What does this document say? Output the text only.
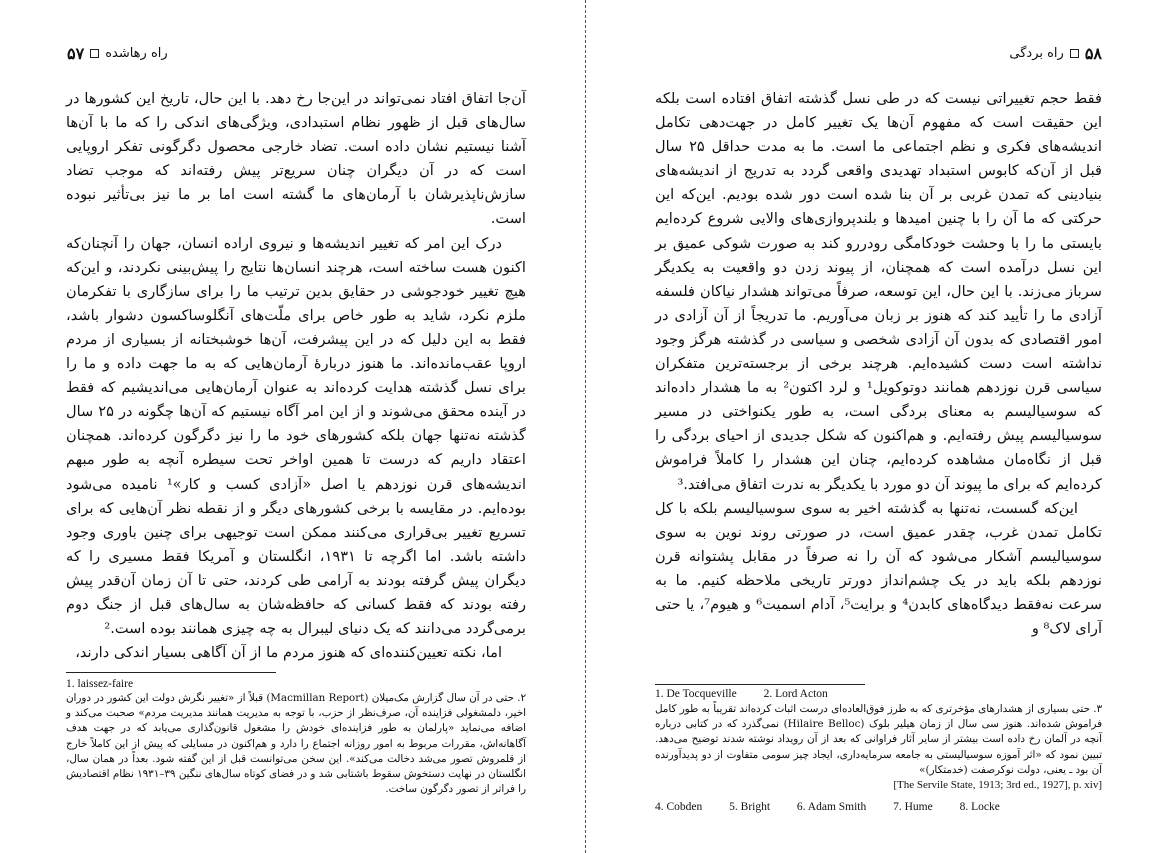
۵۷ راه رهاشده

آن‌جا اتفاق افتاد نمی‌تواند در این‌جا رخ دهد. با این حال، تاریخ این کشورها در سال‌های قبل از ظهور نظام استبدادی، ویژگی‌های اندکی را که ما با آن‌ها آشنا نیستیم نشان داده است. تضاد خارجی محصول دگرگونی تفکر اروپایی است که در آن دیگران چنان سریع‌تر پیش رفته‌اند که موجب تضاد سازش‌ناپذیرشان با آرمان‌های ما گشته است اما بر ما نیز بی‌تأثیر نبوده است.

درک این امر که تغییر اندیشه‌ها و نیروی اراده انسان، جهان را آنچنان‌که اکنون هست ساخته است، هرچند انسان‌ها نتایج را پیش‌بینی نکردند، و این‌که هیچ تغییر خودجوشی در حقایق بدین ترتیب ما را برای سازگاری با تفکرمان ملزم نکرد، شاید به طور خاص برای ملّت‌های آنگلوساکسون دشوار باشد، فقط به این دلیل که در این پیشرفت، آن‌ها خوشبختانه از بسیاری از مردم اروپا عقب‌مانده‌اند. ما هنوز دربارهٔ آرمان‌هایی که به ما جهت داده و ما را برای نسل گذشته هدایت کرده‌اند به عنوان آرمان‌هایی می‌اندیشیم که فقط در آینده محقق می‌شوند و از این امر آگاه نیستیم که آن‌ها چگونه در ۲۵ سال گذشته نه‌تنها جهان بلکه کشورهای خود ما را نیز دگرگون کرده‌اند. همچنان اعتقاد داریم که درست تا همین اواخر تحت سیطره آنچه به طور مبهم اندیشه‌های قرن نوزدهم یا اصل «آزادی کسب و کار»¹ نامیده می‌شود بوده‌ایم. در مقایسه با برخی کشورهای دیگر و از نقطه نظر آن‌هایی که برای تسریع تغییر بی‌قراری می‌کنند ممکن است توجیهی برای چنین باوری وجود داشته باشد. اما اگرچه تا ۱۹۳۱، انگلستان و آمریکا فقط مسیری را که دیگران پیش گرفته بودند به آرامی طی کردند، حتی تا آن زمان آن‌قدر پیش رفته بودند که فقط کسانی که حافظه‌شان به سال‌های قبل از جنگ دوم برمی‌گردد می‌دانند که یک دنیای لیبرال به چه چیزی همانند بوده است.²

اما، نکته تعیین‌کننده‌ای که هنوز مردم ما از آن آگاهی بسیار اندکی دارند،

1. laissez-faire
۲. حتی در آن سال گزارش مک‌میلان (Macmillan Report) قبلاً از «تغییر نگرش دولت این کشور در دوران اخیر، دلمشغولی فزاینده آن، صرف‌نظر از حزب، با توجه به مدیریت همانند مدیریت مردم» صحبت می‌کند و اضافه می‌نماید «پارلمان به طور فزاینده‌ای خودش را مشغول قانون‌گذاری می‌یابد که در جهت هدف آگاهانه‌اش، مقررات مربوط به امور روزانه اجتماع را دارد و هم‌اکنون در مسایلی که پیش از این کاملاً خارج از قلمروش تصور می‌شد دخالت می‌کند». این سخن می‌توانست قبل از این گفته شود. بعداً در همان سال، انگلستان در نهایت دستخوش سقوط باشتابی شد و در فضای کوتاه سال‌های ننگین ۳۹–۱۹۳۱ نظام اقتصادیش را فراتر از تصور دگرگون ساخت.
۵۸
راه بردگی

فقط حجم تغییراتی نیست که در طی نسل گذشته اتفاق افتاده است بلکه این حقیقت است که مفهوم آن‌ها یک تغییر کامل در جهت‌دهی تکامل اندیشه‌های فکری و نظم اجتماعی ما است. ما به مدت حداقل ۲۵ سال قبل از آن‌که کابوس استبداد تهدیدی واقعی گردد به تدریج از اندیشه‌های بنیادینی که تمدن غربی بر آن بنا شده است دور شده بودیم. این‌که این حرکتی که ما آن را با چنین امیدها و بلندپروازی‌های والایی شروع کرده‌ایم بایستی ما را با وحشت خودکامگی رودررو کند به صورت شوکی عمیق بر این نسل درآمده است که همچنان، از پیوند زدن دو واقعیت به یکدیگر سرباز می‌زند. با این حال، این توسعه، صرفاً می‌تواند هشدار نیاکان فلسفه آزادی ما را تأیید کند که هنوز بر زبان می‌آوریم. ما تدریجاً از آن آزادی در امور اقتصادی که بدون آن آزادی شخصی و سیاسی در گذشته هرگز وجود نداشته است دست کشیده‌ایم. هرچند برخی از برجسته‌ترین متفکران سیاسی قرن نوزدهم همانند دوتوکویل¹ و لرد اکتون² به ما هشدار داده‌اند که سوسیالیسم به معنای بردگی است، به طور یکنواختی در مسیر سوسیالیسم پیش رفته‌ایم. و هم‌اکنون که شکل جدیدی از احیای بردگی را قبل از نگاه‌مان مشاهده کرده‌ایم، چنان این هشدار را کاملاً فراموش کرده‌ایم که برای ما پیوند آن دو مورد با یکدیگر به ندرت اتفاق می‌افتد.³

این‌که گسست، نه‌تنها به گذشته اخیر به سوی سوسیالیسم بلکه با کل تکامل تمدن غرب، چقدر عمیق است، در صورتی روند نوین به سوی سوسیالیسم آشکار می‌شود که آن را نه صرفاً در مقابل پشتوانه قرن نوزدهم بلکه باید در یک چشم‌انداز دورتر تاریخی ملاحظه کنیم. ما به سرعت نه‌فقط دیدگاه‌های کابدن⁴ و برایت⁵، آدام اسمیت⁶ و هیوم⁷، یا حتی آرای لاک⁸ و

1. De Tocqueville 2. Lord Acton
۳. حتی بسیاری از هشدارهای مؤخرتری که به طرز فوق‌العاده‌ای درست اثبات کرده‌اند تقریباً به طور کامل فراموش شده‌اند. هنوز سی سال از زمان هیلیر بلوک (Hilaire Belloc) نمی‌گذرد که در کتابی درباره آنچه در آلمان رخ داده است بیشتر از سایر آثار فراوانی که بعد از آن رویداد نوشته شدند توضیح می‌دهد. تبیین نمود که «اثر آموزه سوسیالیستی به جامعه سرمایه‌داری، ایجاد چیز سومی متفاوت از دو پدیدآورنده آن بود ـ یعنی، دولت نوکرصفت (خدمتکار)»
[The Servile State, 1913; 3rd ed., 1927], p. xiv]
4. Cobden 5. Bright 6. Adam Smith 7. Hume 8. Locke
